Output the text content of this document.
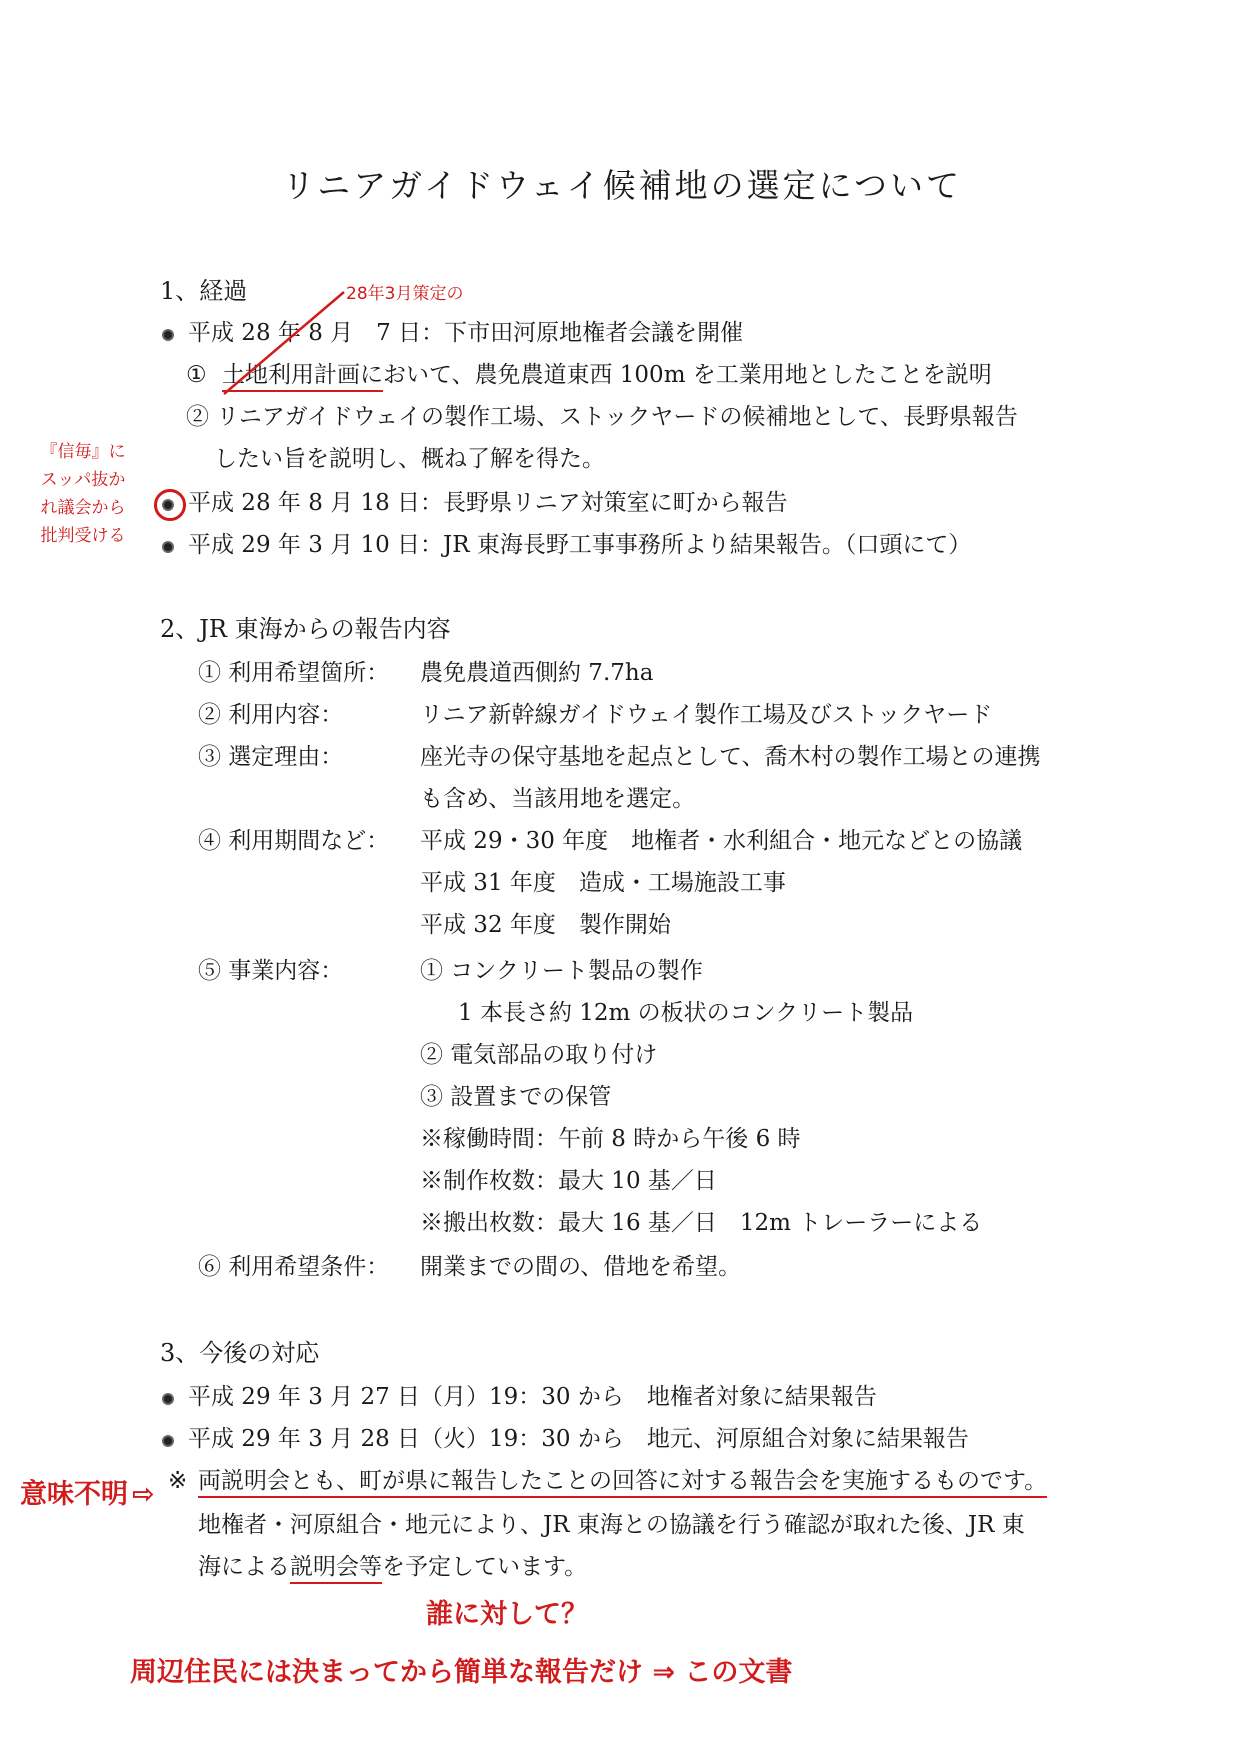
リニアガイドウェイ候補地の選定について
1、経過
平成 28 年 8 月　7 日：下市田河原地権者会議を開催
① 土地利用計画において、農免農道東西 100m を工業用地としたことを説明
② リニアガイドウェイの製作工場、ストックヤードの候補地として、長野県報告
したい旨を説明し、概ね了解を得た。
平成 28 年 8 月 18 日：長野県リニア対策室に町から報告
平成 29 年 3 月 10 日：JR 東海長野工事事務所より結果報告。（口頭にて）
2、JR 東海からの報告内容
① 利用希望箇所： 農免農道西側約 7.7ha
② 利用内容：	リニア新幹線ガイドウェイ製作工場及びストックヤード
③ 選定理由：	座光寺の保守基地を起点として、喬木村の製作工場との連携
も含め、当該用地を選定。
④ 利用期間など： 平成 29・30 年度　地権者・水利組合・地元などとの協議
平成 31 年度　造成・工場施設工事
平成 32 年度　製作開始
⑤ 事業内容：	① コンクリート製品の製作
1 本長さ約 12m の板状のコンクリート製品
② 電気部品の取り付け
③ 設置までの保管
※稼働時間：午前 8 時から午後 6 時
※制作枚数：最大 10 基／日
※搬出枚数：最大 16 基／日　12m トレーラーによる
⑥ 利用希望条件： 開業までの間の、借地を希望。
3、今後の対応
平成 29 年 3 月 27 日（月）19：30 から　地権者対象に結果報告
平成 29 年 3 月 28 日（火）19：30 から　地元、河原組合対象に結果報告
※ 両説明会とも、町が県に報告したことの回答に対する報告会を実施するものです。
地権者・河原組合・地元により、JR 東海との協議を行う確認が取れた後、JR 東
海による説明会等を予定しています。
28年3月策定の
『信毎』に
スッパ抜か
れ議会から
批判受ける
意味不明 ⇨
誰に対して？
周辺住民には決まってから簡単な報告だけ ⇒ この文書
